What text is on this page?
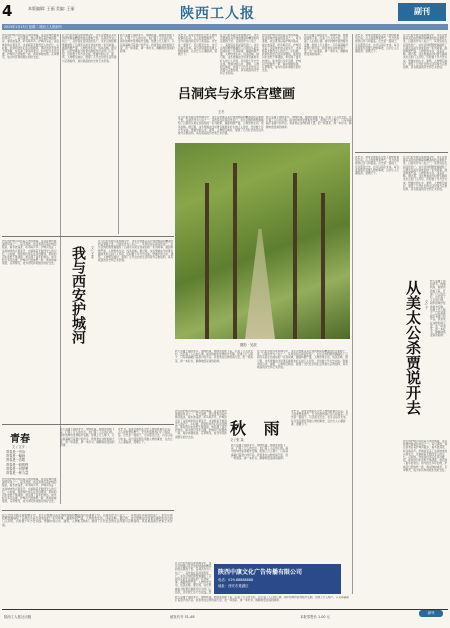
4	本版编辑: 王丽 美编: 王丽	陕西工人报	副刊
2015年1月13日 星期二 陕西工人报副刊
西安的护城河环绕着古老的城墙，是这座城市最美的风景之一。每当清晨，我总喜欢沿着护城河散步，看水波荡漾，听鸟鸣声声。护城河见证了这座城市的兴衰变迁，也承载着无数西安人的记忆。小时候，我常和伙伴们在河边嬉戏，那时的河水虽然不够清澈，却充满了童年的欢乐。如今经过多年治理，护城河已经焕然一新，两岸绿树成荫，花草繁茂，成为市民休闲娱乐的好去处。
在元代的多数寺观和佛寺中，永乐宫壁画以其宏伟的规模和精湛的技法著称于世。吕洞宾作为八仙之一，其传说在民间流传甚广。永乐宫纯阳殿壁画描绘了吕洞宾从诞生到成仙的一系列故事，画面构图严谨，人物形象生动，线条流畅。据记载，这些壁画由当时著名画师朱好古的门人所绘，历时数十年方告完成。壁画中的山水、建筑、人物相互映衬，展现了元代社会的生活风貌与宗教信仰，具有极高的历史和艺术价值。
秋天是属于雨的季节。绵绵秋雨，淅淅沥沥地下着，打湿了行人的衣衫，也打湿了人们的心情。雨中的城市显得格外安静，街道上行人稀少，只有雨滴敲打着窗户的声音。我喜欢在这样的雨天里，泡一杯清茶，捧一本好书，静静地感受雨的韵律。
吕洞宾与永乐宫壁画
王冬
在元代的多数寺观和佛寺中，永乐宫壁画以其宏伟的规模和精湛的技法著称于世。吕洞宾作为八仙之一，其传说在民间流传甚广。永乐宫纯阳殿壁画描绘了吕洞宾从诞生到成仙的一系列故事，画面构图严谨，人物形象生动，线条流畅。据记载，这些壁画由当时著名画师朱好古的门人所绘，历时数十年方告完成。壁画中的山水、建筑、人物相互映衬，展现了元代社会的生活风貌与宗教信仰，具有极高的历史和艺术价值。
秋天是属于雨的季节。绵绵秋雨，淅淅沥沥地下着，打湿了行人的衣衫，也打湿了人们的心情。雨中的城市显得格外安静，街道上行人稀少，只有雨滴敲打着窗户的声音。我喜欢在这样的雨天里，泡一杯清茶，捧一本好书，静静地感受雨的韵律。
读史书，常常会被那些历史人物的故事所打动。古人的智慧和勇气，至今仍值得我们学习和借鉴。历史是一面镜子，可以照见过去，也可以指引未来。每当读到那些英雄人物的事迹，总会让人心潮澎湃，感慨万千。
在元代的多数寺观和佛寺中，永乐宫壁画以其宏伟的规模和精湛的技法著称于世。吕洞宾作为八仙之一，其传说在民间流传甚广。永乐宫纯阳殿壁画描绘了吕洞宾从诞生到成仙的一系列故事，画面构图严谨，人物形象生动，线条流畅。据记载，这些壁画由当时著名画师朱好古的门人所绘，历时数十年方告完成。壁画中的山水、建筑、人物相互映衬，展现了元代社会的生活风貌与宗教信仰，具有极高的历史和艺术价值。
西安的护城河环绕着古老的城墙，是这座城市最美的风景之一。每当清晨，我总喜欢沿着护城河散步，看水波荡漾，听鸟鸣声声。护城河见证了这座城市的兴衰变迁，也承载着无数西安人的记忆。小时候，我常和伙伴们在河边嬉戏，那时的河水虽然不够清澈，却充满了童年的欢乐。如今经过多年治理，护城河已经焕然一新，两岸绿树成荫，花草繁茂，成为市民休闲娱乐的好去处。
秋天是属于雨的季节。绵绵秋雨，淅淅沥沥地下着，打湿了行人的衣衫，也打湿了人们的心情。雨中的城市显得格外安静，街道上行人稀少，只有雨滴敲打着窗户的声音。我喜欢在这样的雨天里，泡一杯清茶，捧一本好书，静静地感受雨的韵律。
读史书，常常会被那些历史人物的故事所打动。古人的智慧和勇气，至今仍值得我们学习和借鉴。历史是一面镜子，可以照见过去，也可以指引未来。每当读到那些英雄人物的事迹，总会让人心潮澎湃，感慨万千。
在元代的多数寺观和佛寺中，永乐宫壁画以其宏伟的规模和精湛的技法著称于世。吕洞宾作为八仙之一，其传说在民间流传甚广。永乐宫纯阳殿壁画描绘了吕洞宾从诞生到成仙的一系列故事，画面构图严谨，人物形象生动，线条流畅。据记载，这些壁画由当时著名画师朱好古的门人所绘，历时数十年方告完成。壁画中的山水、建筑、人物相互映衬，展现了元代社会的生活风貌与宗教信仰，具有极高的历史和艺术价值。
西安的护城河环绕着古老的城墙，是这座城市最美的风景之一。每当清晨，我总喜欢沿着护城河散步，看水波荡漾，听鸟鸣声声。护城河见证了这座城市的兴衰变迁，也承载着无数西安人的记忆。小时候，我常和伙伴们在河边嬉戏，那时的河水虽然不够清澈，却充满了童年的欢乐。如今经过多年治理，护城河已经焕然一新，两岸绿树成荫，花草繁茂，成为市民休闲娱乐的好去处。 我与西安护城河 文 / 王冬
在元代的多数寺观和佛寺中，永乐宫壁画以其宏伟的规模和精湛的技法著称于世。吕洞宾作为八仙之一，其传说在民间流传甚广。永乐宫纯阳殿壁画描绘了吕洞宾从诞生到成仙的一系列故事，画面构图严谨，人物形象生动，线条流畅。据记载，这些壁画由当时著名画师朱好古的门人所绘，历时数十年方告完成。壁画中的山水、建筑、人物相互映衬，展现了元代社会的生活风貌与宗教信仰，具有极高的历史和艺术价值。
青春
文 / 文字
青春是一首诗
青春是一幅画
青春是一首歌
青春是一段旅程
青春是一份梦想
青春是一种力量
秋天是属于雨的季节。绵绵秋雨，淅淅沥沥地下着，打湿了行人的衣衫，也打湿了人们的心情。雨中的城市显得格外安静，街道上行人稀少，只有雨滴敲打着窗户的声音。我喜欢在这样的雨天里，泡一杯清茶，捧一本好书，静静地感受雨的韵律。
读史书，常常会被那些历史人物的故事所打动。古人的智慧和勇气，至今仍值得我们学习和借鉴。历史是一面镜子，可以照见过去，也可以指引未来。每当读到那些英雄人物的事迹，总会让人心潮澎湃，感慨万千。
西安的护城河环绕着古老的城墙，是这座城市最美的风景之一。每当清晨，我总喜欢沿着护城河散步，看水波荡漾，听鸟鸣声声。护城河见证了这座城市的兴衰变迁，也承载着无数西安人的记忆。小时候，我常和伙伴们在河边嬉戏，那时的河水虽然不够清澈，却充满了童年的欢乐。如今经过多年治理，护城河已经焕然一新，两岸绿树成荫，花草繁茂，成为市民休闲娱乐的好去处。
在元代的多数寺观和佛寺中，永乐宫壁画以其宏伟的规模和精湛的技法著称于世。吕洞宾作为八仙之一，其传说在民间流传甚广。永乐宫纯阳殿壁画描绘了吕洞宾从诞生到成仙的一系列故事，画面构图严谨，人物形象生动，线条流畅。据记载，这些壁画由当时著名画师朱好古的门人所绘，历时数十年方告完成。壁画中的山水、建筑、人物相互映衬，展现了元代社会的生活风貌与宗教信仰，具有极高的历史和艺术价值。
摄影 · 吴波
秋天是属于雨的季节。绵绵秋雨，淅淅沥沥地下着，打湿了行人的衣衫，也打湿了人们的心情。雨中的城市显得格外安静，街道上行人稀少，只有雨滴敲打着窗户的声音。我喜欢在这样的雨天里，泡一杯清茶，捧一本好书，静静地感受雨的韵律。
在元代的多数寺观和佛寺中，永乐宫壁画以其宏伟的规模和精湛的技法著称于世。吕洞宾作为八仙之一，其传说在民间流传甚广。永乐宫纯阳殿壁画描绘了吕洞宾从诞生到成仙的一系列故事，画面构图严谨，人物形象生动，线条流畅。据记载，这些壁画由当时著名画师朱好古的门人所绘，历时数十年方告完成。壁画中的山水、建筑、人物相互映衬，展现了元代社会的生活风貌与宗教信仰，具有极高的历史和艺术价值。
秋 雨
文 / 张 某
西安的护城河环绕着古老的城墙，是这座城市最美的风景之一。每当清晨，我总喜欢沿着护城河散步，看水波荡漾，听鸟鸣声声。护城河见证了这座城市的兴衰变迁，也承载着无数西安人的记忆。小时候，我常和伙伴们在河边嬉戏，那时的河水虽然不够清澈，却充满了童年的欢乐。如今经过多年治理，护城河已经焕然一新，两岸绿树成荫，花草繁茂，成为市民休闲娱乐的好去处。
秋天是属于雨的季节。绵绵秋雨，淅淅沥沥地下着，打湿了行人的衣衫，也打湿了人们的心情。雨中的城市显得格外安静，街道上行人稀少，只有雨滴敲打着窗户的声音。我喜欢在这样的雨天里，泡一杯清茶，捧一本好书，静静地感受雨的韵律。
读史书，常常会被那些历史人物的故事所打动。古人的智慧和勇气，至今仍值得我们学习和借鉴。历史是一面镜子，可以照见过去，也可以指引未来。每当读到那些英雄人物的事迹，总会让人心潮澎湃，感慨万千。
陕西中康文化广告传播有限公司
电话：029-88888888
地址：西安市莲湖区
秋天是属于雨的季节。绵绵秋雨，淅淅沥沥地下着，打湿了行人的衣衫，也打湿了人们的心情。雨中的城市显得格外安静，街道上行人稀少，只有雨滴敲打着窗户的声音。我喜欢在这样的雨天里，泡一杯清茶，捧一本好书，静静地感受雨的韵律。
在元代的多数寺观和佛寺中，永乐宫壁画以其宏伟的规模和精湛的技法著称于世。吕洞宾作为八仙之一，其传说在民间流传甚广。永乐宫纯阳殿壁画描绘了吕洞宾从诞生到成仙的一系列故事，画面构图严谨，人物形象生动，线条流畅。据记载，这些壁画由当时著名画师朱好古的门人所绘，历时数十年方告完成。壁
读史书，常常会被那些历史人物的故事所打动。古人的智慧和勇气，至今仍值得我们学习和借鉴。历史是一面镜子，可以照见过去，也可以指引未来。每当读到那些英雄人物的事迹，总会让人心潮澎湃，感慨万千。
从美太公杀贾说开去 文 / 于
在元代的多数寺观和佛寺中，永乐宫壁画以其宏伟的规模和精湛的技法著称于世。吕洞宾作为八仙之一，其传说在民间流传甚广。永乐宫纯阳殿壁画描绘了吕洞宾从诞生到成仙的一系列故事，画面构图严谨，人物形象生动，线条流畅。据记载，这些壁画由当时著名画师朱好古的门人所绘，历时数十年方告完成。壁画中的山水、建筑、人物相互映衬，展现了元代社会的生活风貌与宗教信仰，具有极高的历史和艺术价值。
西安的护城河环绕着古老的城墙，是这座城市最美的风景之一。每当清晨，我总喜欢沿着护城河散步，看水波荡漾，听鸟鸣声声。护城河见证了这座城市的兴衰变迁，也承载着无数西安人的记忆。小时候，我常和伙伴们在河边嬉戏，那时的河水虽然不够清澈，却充满了童年的欢乐。如今经过多年治理，护城河已经焕然一新，两岸绿树成荫，花草繁茂，成为市民休闲娱乐的好去处。
秋天是属于雨的季节。绵绵秋雨，淅淅沥沥地下着，打湿了行人的衣衫，也打湿了人们的心情。雨中的城市显得格外安静，街道上行人稀少，只有雨滴敲打着窗户的声音。我喜欢在这样的雨天里，泡一杯清茶，捧一本好书，静静地感受雨的韵律。
陕西工人报社出版	邮发代号 51-48	本报零售价 1.00 元
副刊
